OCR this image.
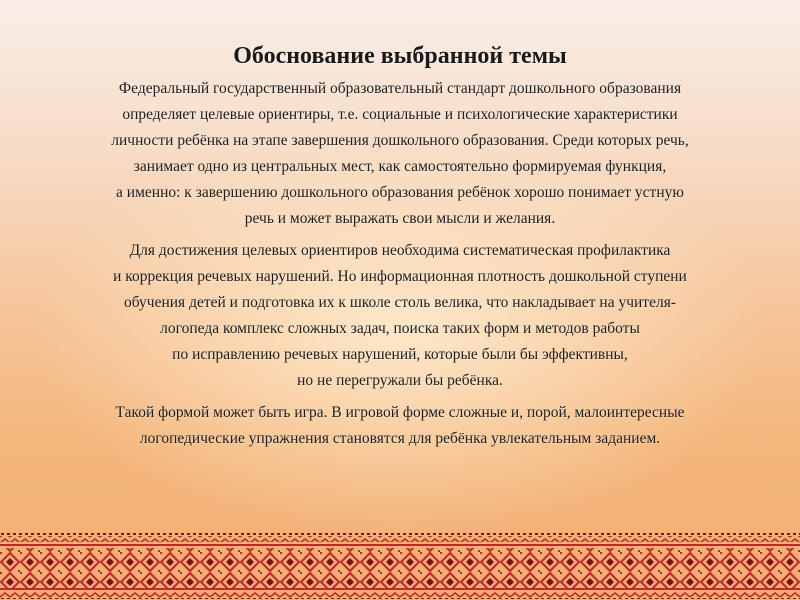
Обоснование выбранной темы
Федеральный государственный образовательный стандарт дошкольного образования
определяет целевые ориентиры, т.е. социальные и психологические характеристики
личности ребёнка на этапе завершения дошкольного образования. Среди которых речь,
занимает одно из центральных мест, как самостоятельно формируемая функция,
а именно: к завершению дошкольного образования ребёнок хорошо понимает устную
речь и может выражать свои мысли и желания.
Для достижения целевых ориентиров необходима систематическая профилактика
и коррекция речевых нарушений. Но информационная плотность дошкольной ступени
обучения детей и подготовка их к школе столь велика, что накладывает на учителя-
логопеда комплекс сложных задач, поиска таких форм и методов работы
по исправлению речевых нарушений, которые были бы эффективны,
но не перегружали бы ребёнка.
Такой формой может быть игра. В игровой форме сложные и, порой, малоинтересные
логопедические упражнения становятся для ребёнка увлекательным заданием.
